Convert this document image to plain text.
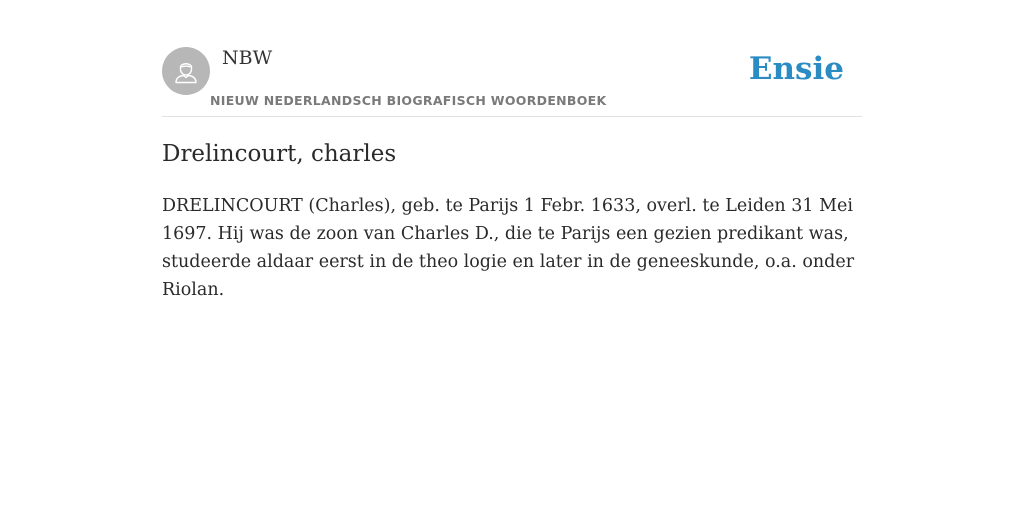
NBW
NIEUW NEDERLANDSCH BIOGRAFISCH WOORDENBOEK
Ensie
Drelincourt, charles

DRELINCOURT (Charles), geb. te Parijs 1 Febr. 1633, overl. te Leiden 31 Mei 1697. Hij was de zoon van Charles D., die te Parijs een gezien predikant was, studeerde aldaar eerst in de theo logie en later in de geneeskunde, o.a. onder Riolan.
